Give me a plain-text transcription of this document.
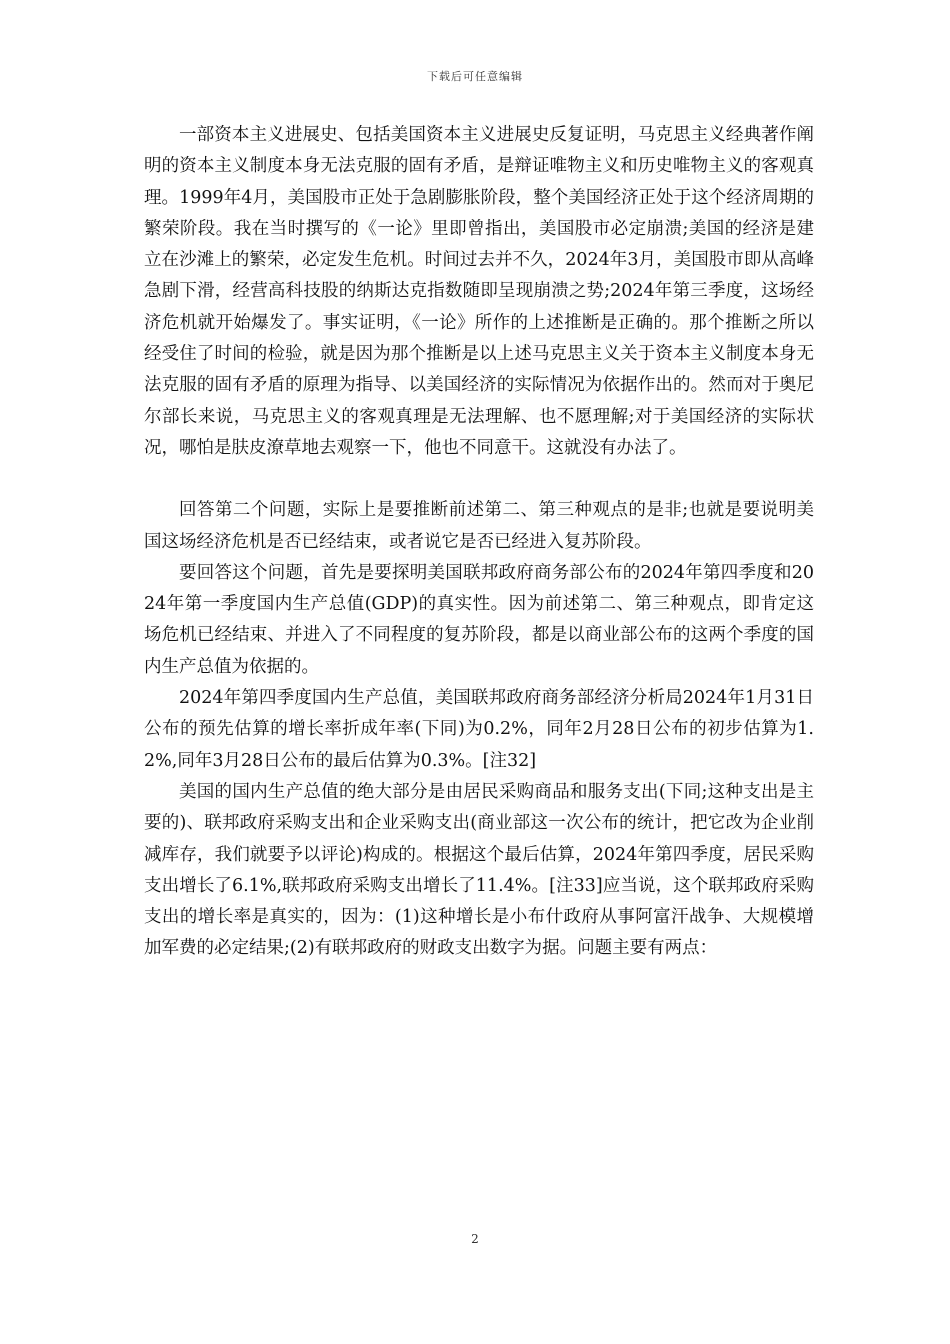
下载后可任意编辑

一部资本主义进展史、包括美国资本主义进展史反复证明，马克思主义经典著作阐明的资本主义制度本身无法克服的固有矛盾，是辩证唯物主义和历史唯物主义的客观真理。1999年4月，美国股市正处于急剧膨胀阶段，整个美国经济正处于这个经济周期的繁荣阶段。我在当时撰写的《一论》里即曾指出，美国股市必定崩溃;美国的经济是建立在沙滩上的繁荣，必定发生危机。时间过去并不久，2024年3月，美国股市即从高峰急剧下滑，经营高科技股的纳斯达克指数随即呈现崩溃之势;2024年第三季度，这场经济危机就开始爆发了。事实证明，《一论》所作的上述推断是正确的。那个推断之所以经受住了时间的检验，就是因为那个推断是以上述马克思主义关于资本主义制度本身无法克服的固有矛盾的原理为指导、以美国经济的实际情况为依据作出的。然而对于奥尼尔部长来说，马克思主义的客观真理是无法理解、也不愿理解;对于美国经济的实际状况，哪怕是肤皮潦草地去观察一下，他也不同意干。这就没有办法了。

回答第二个问题，实际上是要推断前述第二、第三种观点的是非;也就是要说明美国这场经济危机是否已经结束，或者说它是否已经进入复苏阶段。

要回答这个问题，首先是要探明美国联邦政府商务部公布的2024年第四季度和2024年第一季度国内生产总值(GDP)的真实性。因为前述第二、第三种观点，即肯定这场危机已经结束、并进入了不同程度的复苏阶段，都是以商业部公布的这两个季度的国内生产总值为依据的。

2024年第四季度国内生产总值，美国联邦政府商务部经济分析局2024年1月31日公布的预先估算的增长率折成年率(下同)为0.2%，同年2月28日公布的初步估算为1.2%,同年3月28日公布的最后估算为0.3%。[注32]

美国的国内生产总值的绝大部分是由居民采购商品和服务支出(下同;这种支出是主要的)、联邦政府采购支出和企业采购支出(商业部这一次公布的统计，把它改为企业削减库存，我们就要予以评论)构成的。根据这个最后估算，2024年第四季度，居民采购支出增长了6.1%,联邦政府采购支出增长了11.4%。[注33]应当说，这个联邦政府采购支出的增长率是真实的，因为：(1)这种增长是小布什政府从事阿富汗战争、大规模增加军费的必定结果;(2)有联邦政府的财政支出数字为据。问题主要有两点：

2
